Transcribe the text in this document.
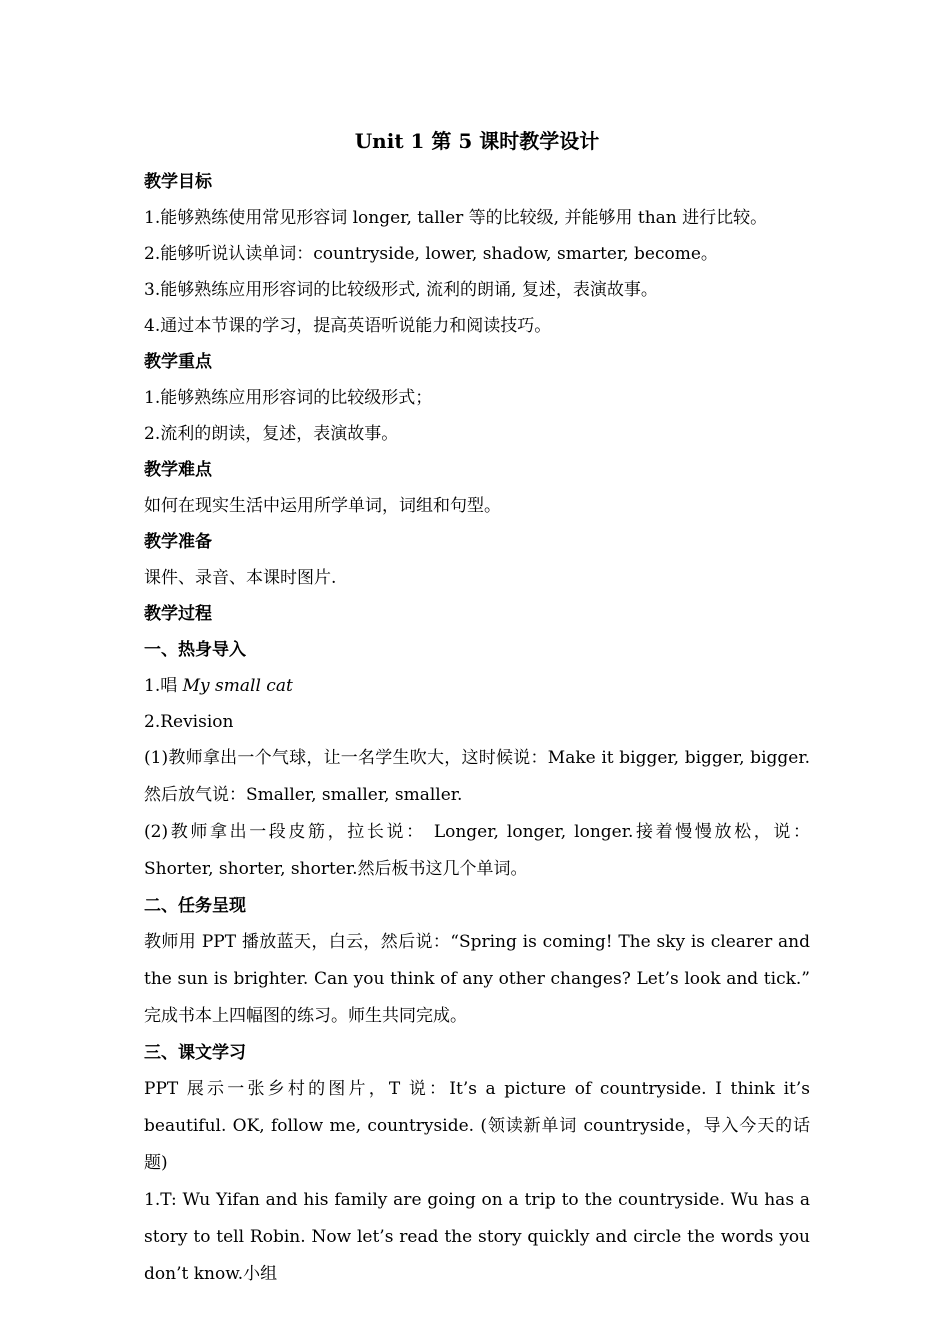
Unit 1 第 5 课时教学设计

教学目标

1.能够熟练使用常见形容词 longer, taller 等的比较级, 并能够用 than 进行比较。

2.能够听说认读单词：countryside, lower, shadow, smarter, become。

3.能够熟练应用形容词的比较级形式, 流利的朗诵, 复述，表演故事。

4.通过本节课的学习，提高英语听说能力和阅读技巧。

教学重点

1.能够熟练应用形容词的比较级形式；

2.流利的朗读，复述，表演故事。

教学难点

如何在现实生活中运用所学单词，词组和句型。

教学准备

课件、录音、本课时图片.

教学过程

一、热身导入

1.唱 My small cat

2.Revision

(1)教师拿出一个气球，让一名学生吹大，这时候说：Make it bigger, bigger, bigger.然后放气说：Smaller, smaller, smaller.

(2)教师拿出一段皮筋，拉长说： Longer, longer, longer.接着慢慢放松，说：Shorter, shorter, shorter.然后板书这几个单词。

二、任务呈现

教师用 PPT 播放蓝天，白云，然后说：“Spring is coming! The sky is clearer and the sun is brighter. Can you think of any other changes? Let’s look and tick.” 完成书本上四幅图的练习。师生共同完成。

三、课文学习

PPT 展示一张乡村的图片，T 说：It’s a picture of countryside. I think it’s beautiful. OK, follow me, countryside. (领读新单词 countryside，导入今天的话题)

1.T: Wu Yifan and his family are going on a trip to the countryside. Wu has a story to tell Robin. Now let’s read the story quickly and circle the words you don’t know.小组
